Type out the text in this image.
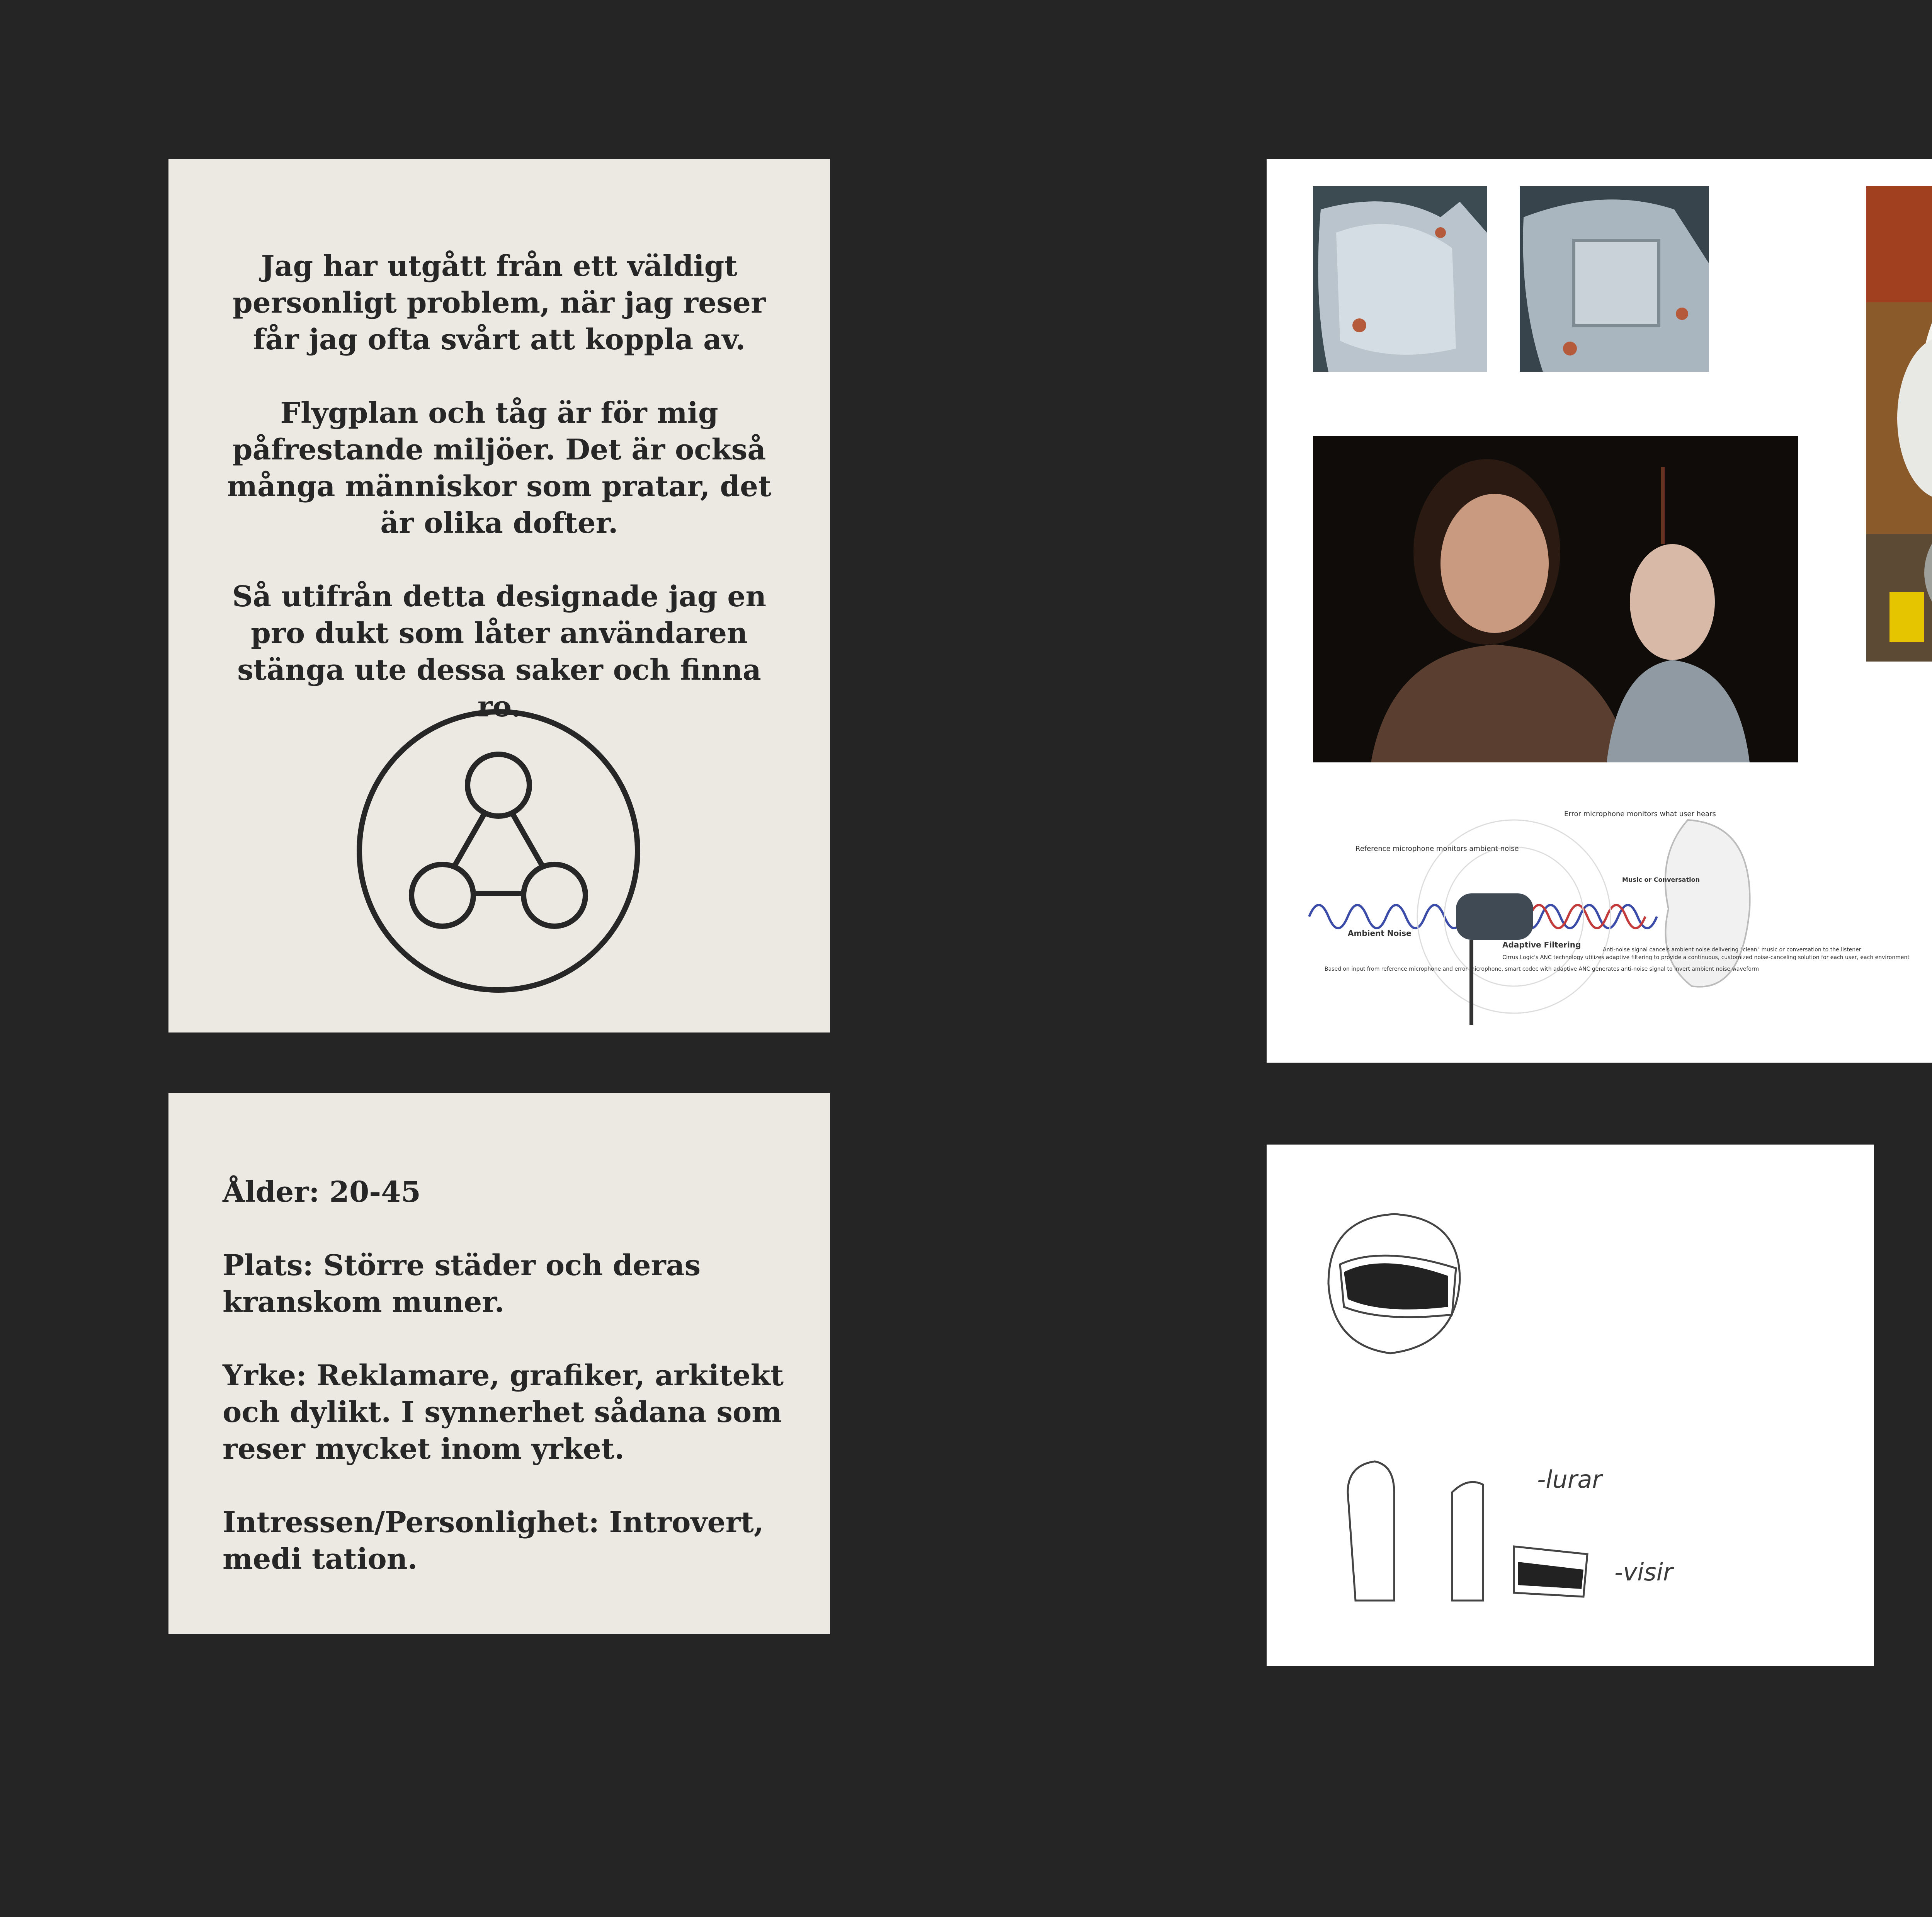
Jag har utgått från ett väldigt personligt problem, när jag reser får jag ofta svårt att koppla av.

Flygplan och tåg är för mig påfrestande miljöer. Det är också många människor som pratar, det är olika dofter.

Så utifrån detta designade jag en pro dukt som låter användaren stänga ute dessa saker och finna ro.

Ålder: 20-45

Plats: Större städer och deras kranskom muner.

Yrke: Reklamare, grafiker, arkitekt och dylikt. I synnerhet sådana som reser mycket inom yrket.

Intressen/Personlighet: Introvert, medi tation.

Reference microphone monitors ambient noise
Error microphone monitors what user hears
Ambient Noise
Adaptive Filtering
Cirrus Logic's ANC technology utilizes adaptive filtering to provide a continuous, customized noise-canceling solution for each user, each environment
Based on input from reference microphone and error microphone, smart codec with adaptive ANC generates anti-noise signal to invert ambient noise waveform
Anti-noise signal cancels ambient noise delivering "clean" music or conversation to the listener
Music or Conversation
-lurar
-visir
